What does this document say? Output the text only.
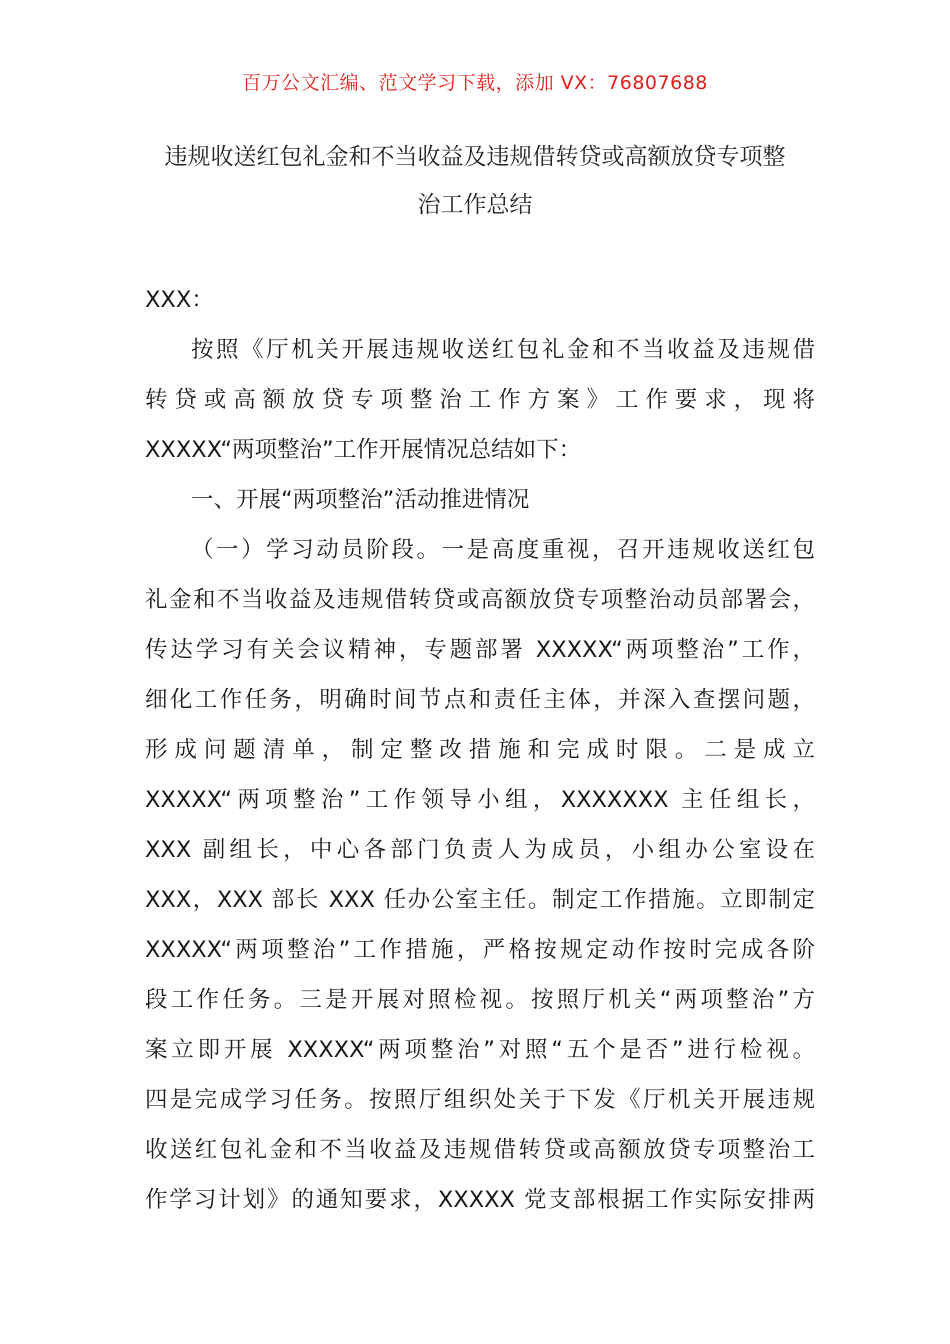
百万公文汇编、范文学习下载，添加 VX：76807688
违规收送红包礼金和不当收益及违规借转贷或高额放贷专项整
治工作总结
XXX：
按照《厅机关开展违规收送红包礼金和不当收益及违规借
转贷或高额放贷专项整治工作方案》工作要求，现将
XXXXX“两项整治”工作开展情况总结如下：
一、开展“两项整治”活动推进情况
（一）学习动员阶段。一是高度重视，召开违规收送红包
礼金和不当收益及违规借转贷或高额放贷专项整治动员部署会，
传达学习有关会议精神，专题部署 XXXXX“两项整治”工作，
细化工作任务，明确时间节点和责任主体，并深入查摆问题，
形成问题清单，制定整改措施和完成时限。二是成立
XXXXX“两项整治”工作领导小组，XXXXXXX 主任组长，
XXX 副组长，中心各部门负责人为成员，小组办公室设在
XXX，XXX 部长 XXX 任办公室主任。制定工作措施。立即制定
XXXXX“两项整治”工作措施，严格按规定动作按时完成各阶
段工作任务。三是开展对照检视。按照厅机关“两项整治”方
案立即开展 XXXXX“两项整治”对照“五个是否”进行检视。
四是完成学习任务。按照厅组织处关于下发《厅机关开展违规
收送红包礼金和不当收益及违规借转贷或高额放贷专项整治工
作学习计划》的通知要求，XXXXX 党支部根据工作实际安排两
